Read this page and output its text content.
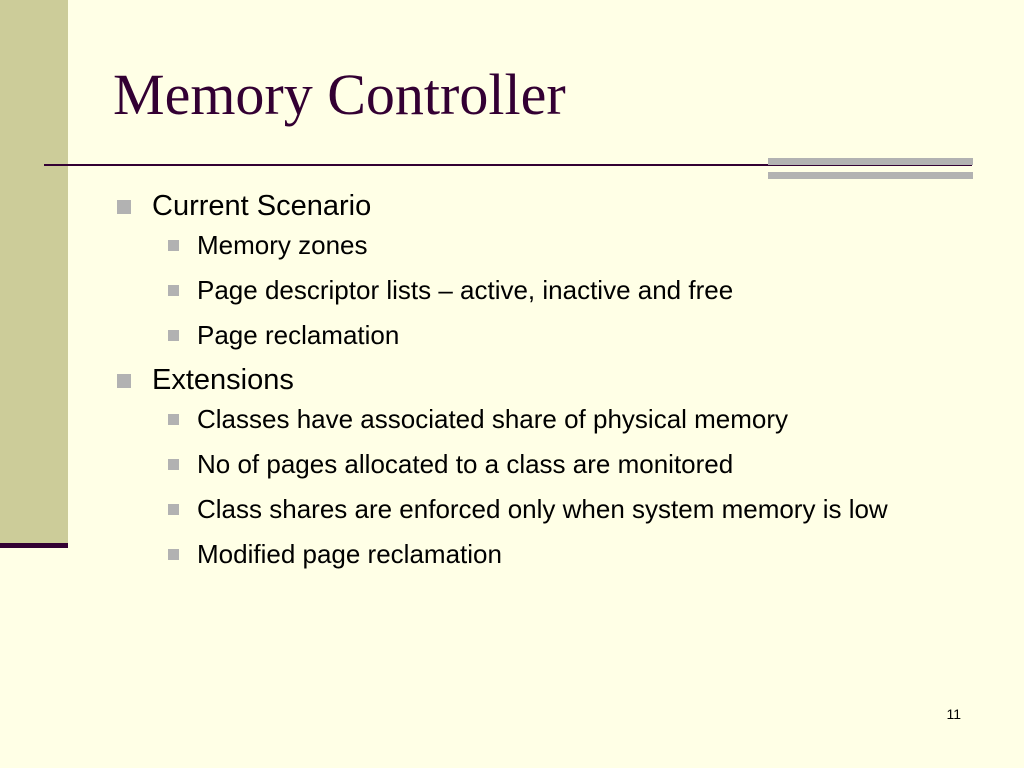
Memory Controller
Current Scenario
Memory zones
Page descriptor lists – active, inactive and free
Page reclamation
Extensions
Classes have associated share of physical memory
No of pages allocated to a class are monitored
Class shares are enforced only when system memory is low
Modified page reclamation
11
